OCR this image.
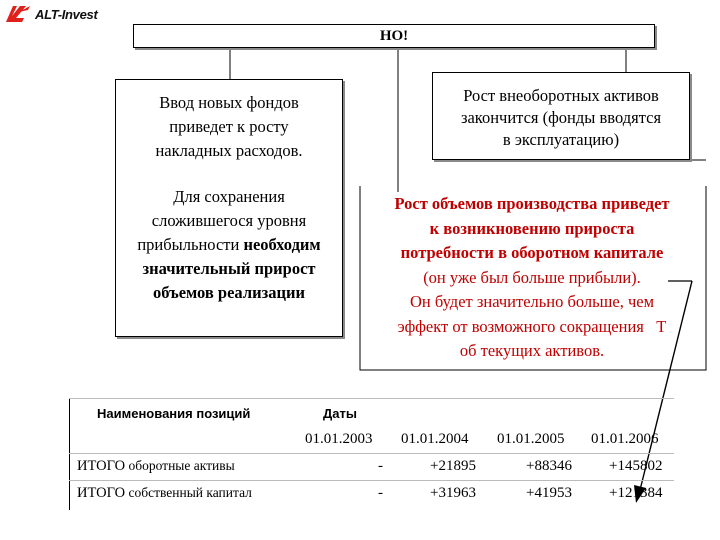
ALT-Invest
НО!
Ввод новых фондов
приведет к росту
накладных расходов.
Для сохранения
сложившегося уровня
прибыльности необходим
значительный прирост
объемов реализации
Рост внеоборотных активов
закончится (фонды вводятся
в эксплуатацию)
Рост объемов производства приведет
к возникновению прироста
потребности в оборотном капитале
(он уже был больше прибыли).
Он будет значительно больше, чем
эффект от возможного сокращения   Т
об текущих активов.
Наименования позиций	Даты
01.01.2003 01.01.2004 01.01.2005 01.01.2006
ИТОГО оборотные активы	-	+21895	+88346 +145802
ИТОГО собственный капитал	-	+31963	+41953 +121384
